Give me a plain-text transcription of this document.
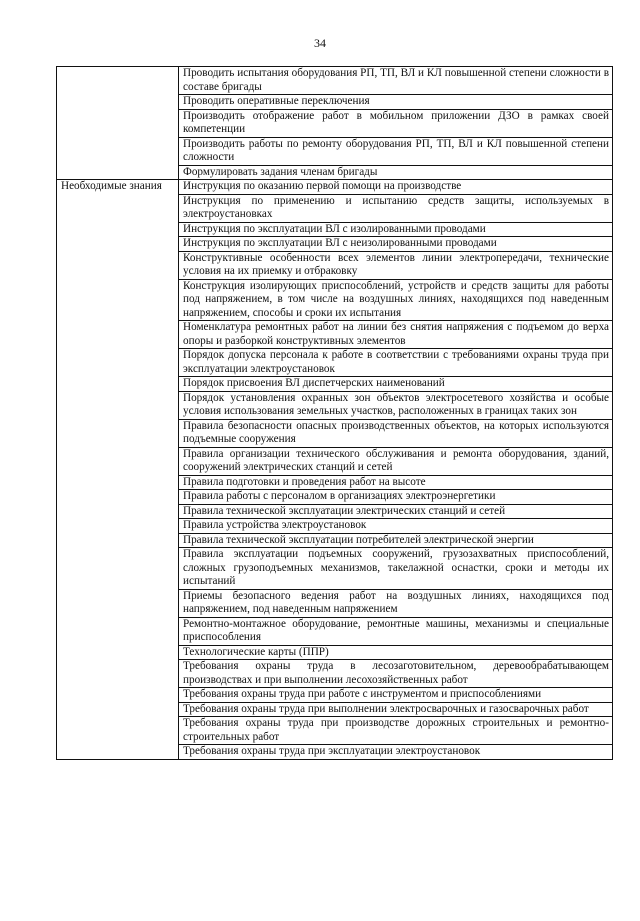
34
	Проводить испытания оборудования РП, ТП, ВЛ и КЛ повышенной степени сложности в составе бригады
	Проводить оперативные переключения
	Производить отображение работ в мобильном приложении ДЗО в рамках своей компетенции
	Производить работы по ремонту оборудования РП, ТП, ВЛ и КЛ повышенной степени сложности
	Формулировать задания членам бригады
Необходимые знания	Инструкция по оказанию первой помощи на производстве
	Инструкция по применению и испытанию средств защиты, используемых в электроустановках
	Инструкция по эксплуатации ВЛ с изолированными проводами
	Инструкция по эксплуатации ВЛ с неизолированными проводами
	Конструктивные особенности всех элементов линии электропередачи, технические условия на их приемку и отбраковку
	Конструкция изолирующих приспособлений, устройств и средств защиты для работы под напряжением, в том числе на воздушных линиях, находящихся под наведенным напряжением, способы и сроки их испытания
	Номенклатура ремонтных работ на линии без снятия напряжения с подъемом до верха опоры и разборкой конструктивных элементов
	Порядок допуска персонала к работе в соответствии с требованиями охраны труда при эксплуатации электроустановок
	Порядок присвоения ВЛ диспетчерских наименований
	Порядок установления охранных зон объектов электросетевого хозяйства и особые условия использования земельных участков, расположенных в границах таких зон
	Правила безопасности опасных производственных объектов, на которых используются подъемные сооружения
	Правила организации технического обслуживания и ремонта оборудования, зданий, сооружений электрических станций и сетей
	Правила подготовки и проведения работ на высоте
	Правила работы с персоналом в организациях электроэнергетики
	Правила технической эксплуатации электрических станций и сетей
	Правила устройства электроустановок
	Правила технической эксплуатации потребителей электрической энергии
	Правила эксплуатации подъемных сооружений, грузозахватных приспособлений, сложных грузоподъемных механизмов, такелажной оснастки, сроки и методы их испытаний
	Приемы безопасного ведения работ на воздушных линиях, находящихся под напряжением, под наведенным напряжением
	Ремонтно-монтажное оборудование, ремонтные машины, механизмы и специальные приспособления
	Технологические карты (ППР)
	Требования охраны труда в лесозаготовительном, деревообрабатывающем производствах и при выполнении лесохозяйственных работ
	Требования охраны труда при работе с инструментом и приспособлениями
	Требования охраны труда при выполнении электросварочных и газосварочных работ
	Требования охраны труда при производстве дорожных строительных и ремонтно-строительных работ
	Требования охраны труда при эксплуатации электроустановок
